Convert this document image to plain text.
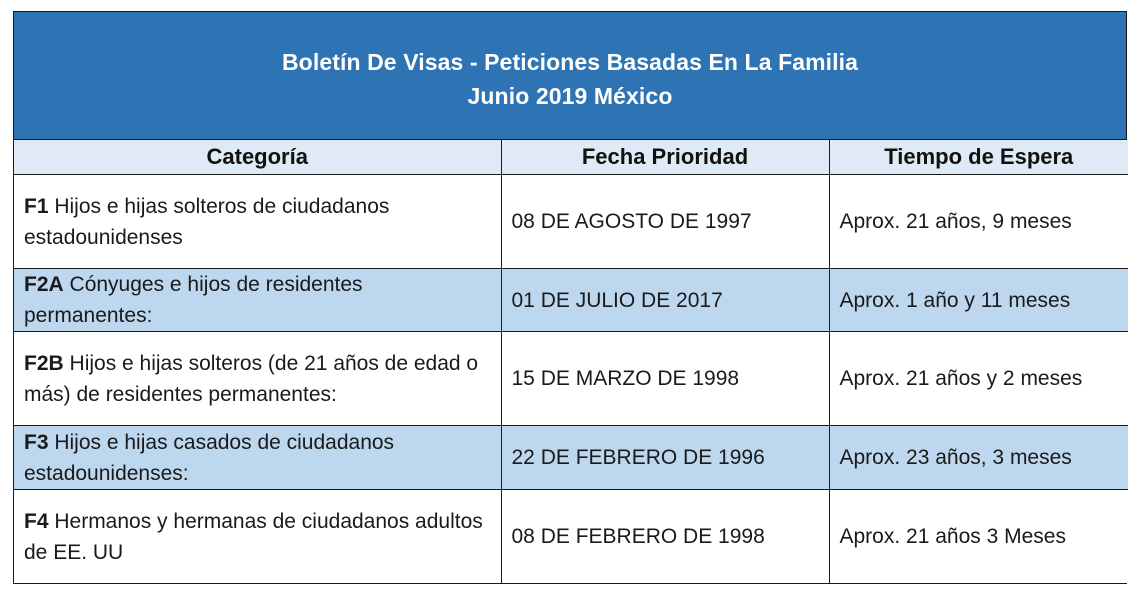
Boletín De Visas - Peticiones Basadas En La Familia
Junio 2019 México
Categoría	Fecha Prioridad	Tiempo de Espera
F1 Hijos e hijas solteros de ciudadanos estadounidenses	08 DE AGOSTO DE 1997	Aprox. 21 años, 9 meses
F2A Cónyuges e hijos de residentes permanentes:	01 DE JULIO DE 2017	Aprox. 1 año y 11 meses
F2B Hijos e hijas solteros (de 21 años de edad o más) de residentes permanentes:	15 DE MARZO DE 1998	Aprox. 21 años y 2 meses
F3 Hijos e hijas casados de ciudadanos estadounidenses:	22 DE FEBRERO DE 1996	Aprox. 23 años, 3 meses
F4 Hermanos y hermanas de ciudadanos adultos de EE. UU	08 DE FEBRERO DE 1998	Aprox. 21 años 3 Meses
